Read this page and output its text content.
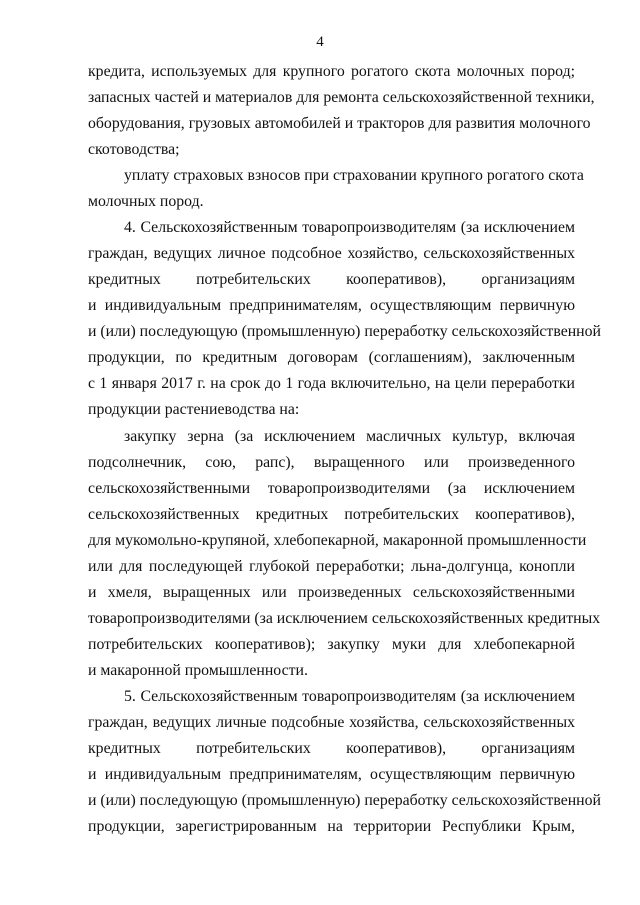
4
кредита, используемых для крупного рогатого скота молочных пород;
запасных частей и материалов для ремонта сельскохозяйственной техники,
оборудования, грузовых автомобилей и тракторов для развития молочного
скотоводства;
уплату страховых взносов при страховании крупного рогатого скота
молочных пород.
4. Сельскохозяйственным товаропроизводителям (за исключением
граждан, ведущих личное подсобное хозяйство, сельскохозяйственных
кредитных потребительских кооперативов), организациям
и индивидуальным предпринимателям, осуществляющим первичную
и (или) последующую (промышленную) переработку сельскохозяйственной
продукции, по кредитным договорам (соглашениям), заключенным
с 1 января 2017 г. на срок до 1 года включительно, на цели переработки
продукции растениеводства на:
закупку зерна (за исключением масличных культур, включая
подсолнечник, сою, рапс), выращенного или произведенного
сельскохозяйственными товаропроизводителями (за исключением
сельскохозяйственных кредитных потребительских кооперативов),
для мукомольно-крупяной, хлебопекарной, макаронной промышленности
или для последующей глубокой переработки; льна-долгунца, конопли
и хмеля, выращенных или произведенных сельскохозяйственными
товаропроизводителями (за исключением сельскохозяйственных кредитных
потребительских кооперативов); закупку муки для хлебопекарной
и макаронной промышленности.
5. Сельскохозяйственным товаропроизводителям (за исключением
граждан, ведущих личные подсобные хозяйства, сельскохозяйственных
кредитных потребительских кооперативов), организациям
и индивидуальным предпринимателям, осуществляющим первичную
и (или) последующую (промышленную) переработку сельскохозяйственной
продукции, зарегистрированным на территории Республики Крым,
